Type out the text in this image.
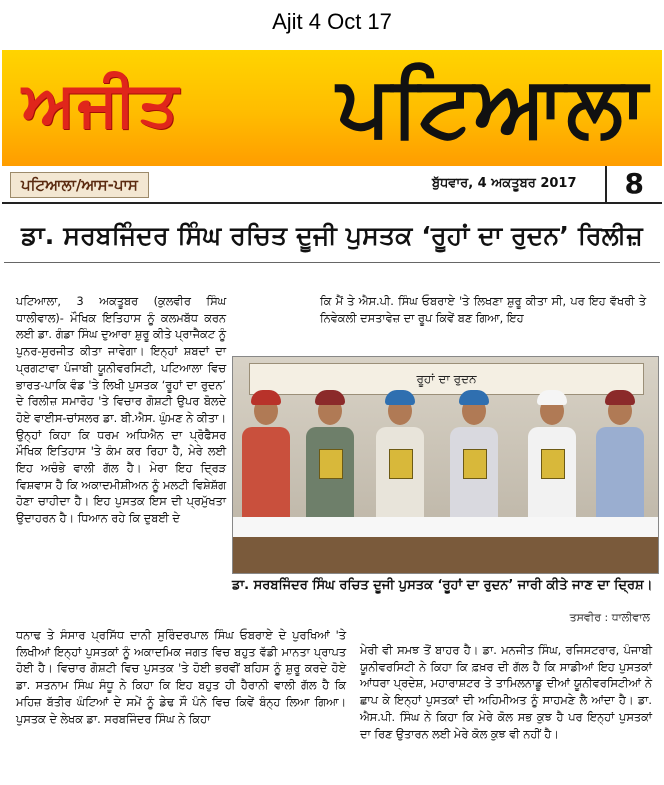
Ajit 4 Oct 17
ਅਜੀਤ ਪਟਿਆਲਾ
ਪਟਿਆਲਾ/ਆਸ-ਪਾਸ	ਬੁੱਧਵਾਰ, 4 ਅਕਤੂਬਰ 2017	8
ਡਾ. ਸਰਬਜਿੰਦਰ ਸਿੰਘ ਰਚਿਤ ਦੂਜੀ ਪੁਸਤਕ ‘ਰੂਹਾਂ ਦਾ ਰੁਦਨ’ ਰਿਲੀਜ਼

ਪਟਿਆਲਾ, 3 ਅਕਤੂਬਰ (ਕੁਲਵੀਰ ਸਿੰਘ ਧਾਲੀਵਾਲ)- ਮੌਖਿਕ ਇਤਿਹਾਸ ਨੂੰ ਕਲਮਬੱਧ ਕਰਨ ਲਈ ਡਾ. ਗੰਡਾ ਸਿੰਘ ਦੁਆਰਾ ਸ਼ੁਰੂ ਕੀਤੇ ਪ੍ਰਾਜੈਕਟ ਨੂੰ ਪੁਨਰ-ਸੁਰਜੀਤ ਕੀਤਾ ਜਾਵੇਗਾ। ਇਨ੍ਹਾਂ ਸ਼ਬਦਾਂ ਦਾ ਪ੍ਰਗਟਾਵਾ ਪੰਜਾਬੀ ਯੂਨੀਵਰਸਿਟੀ, ਪਟਿਆਲਾ ਵਿਚ ਭਾਰਤ-ਪਾਕਿ ਵੰਡ 'ਤੇ ਲਿਖੀ ਪੁਸਤਕ ‘ਰੂਹਾਂ ਦਾ ਰੁਦਨ’ ਦੇ ਰਿਲੀਜ਼ ਸਮਾਰੋਹ 'ਤੇ ਵਿਚਾਰ ਗੋਸ਼ਟੀ ਉਪਰ ਬੋਲਦੇ ਹੋਏ ਵਾਈਸ-ਚਾਂਸਲਰ ਡਾ. ਬੀ.ਐਸ. ਘੁੰਮਣ ਨੇ ਕੀਤਾ। ਉਨ੍ਹਾਂ ਕਿਹਾ ਕਿ ਧਰਮ ਅਧਿਐਨ ਦਾ ਪ੍ਰੋਫੈਸਰ ਮੌਖਿਕ ਇਤਿਹਾਸ 'ਤੇ ਕੰਮ ਕਰ ਰਿਹਾ ਹੈ, ਮੇਰੇ ਲਈ ਇਹ ਅਚੰਭੇ ਵਾਲੀ ਗੱਲ ਹੈ। ਮੇਰਾ ਇਹ ਦ੍ਰਿੜ ਵਿਸ਼ਵਾਸ ਹੈ ਕਿ ਅਕਾਦਮੀਸ਼ੀਅਨ ਨੂੰ ਮਲਟੀ ਵਿਸ਼ੇਸ਼ੱਗ ਹੋਣਾ ਚਾਹੀਦਾ ਹੈ। ਇਹ ਪੁਸਤਕ ਇਸ ਦੀ ਪ੍ਰਮੁੱਖਤਾ ਉਦਾਹਰਨ ਹੈ। ਧਿਆਨ ਰਹੇ ਕਿ ਦੁਬਈ ਦੇ

ਕਿ ਮੈਂ ਤੇ ਐਸ.ਪੀ. ਸਿੰਘ ਓਬਰਾਏ 'ਤੇ ਲਿਖਣਾ ਸ਼ੁਰੂ ਕੀਤਾ ਸੀ, ਪਰ ਇਹ ਵੱਖਰੀ ਤੇ ਨਿਵੇਕਲੀ ਦਸਤਾਵੇਜ਼ ਦਾ ਰੂਪ ਕਿਵੇਂ ਬਣ ਗਿਆ, ਇਹ

ਰੂਹਾਂ ਦਾ ਰੁਦਨ
ਡਾ. ਸਰਬਜਿੰਦਰ ਸਿੰਘ ਰਚਿਤ ਦੂਜੀ ਪੁਸਤਕ ‘ਰੂਹਾਂ ਦਾ ਰੁਦਨ’ ਜਾਰੀ ਕੀਤੇ ਜਾਣ ਦਾ ਦ੍ਰਿਸ਼।
ਤਸਵੀਰ : ਧਾਲੀਵਾਲ

ਧਨਾਢ ਤੇ ਸੰਸਾਰ ਪ੍ਰਸਿੱਧ ਦਾਨੀ ਸੁਰਿੰਦਰਪਾਲ ਸਿੰਘ ਓਬਰਾਏ ਦੇ ਪੁਰਖਿਆਂ 'ਤੇ ਲਿਖੀਆਂ ਇਨ੍ਹਾਂ ਪੁਸਤਕਾਂ ਨੂੰ ਅਕਾਦਮਿਕ ਜਗਤ ਵਿਚ ਬਹੁਤ ਵੱਡੀ ਮਾਨਤਾ ਪ੍ਰਾਪਤ ਹੋਈ ਹੈ। ਵਿਚਾਰ ਗੋਸ਼ਟੀ ਵਿਚ ਪੁਸਤਕ 'ਤੇ ਹੋਈ ਭਰਵੀਂ ਬਹਿਸ ਨੂੰ ਸ਼ੁਰੂ ਕਰਦੇ ਹੋਏ ਡਾ. ਸਤਨਾਮ ਸਿੰਘ ਸੰਧੂ ਨੇ ਕਿਹਾ ਕਿ ਇਹ ਬਹੁਤ ਹੀ ਹੈਰਾਨੀ ਵਾਲੀ ਗੱਲ ਹੈ ਕਿ ਮਹਿਜ਼ ਬੱਤੀਰ ਘੰਟਿਆਂ ਦੇ ਸਮੇਂ ਨੂੰ ਡੇਢ ਸੌ ਪੰਨੇ ਵਿਚ ਕਿਵੇਂ ਬੰਨ੍ਹ ਲਿਆ ਗਿਆ। ਪੁਸਤਕ ਦੇ ਲੇਖਕ ਡਾ. ਸਰਬਜਿੰਦਰ ਸਿੰਘ ਨੇ ਕਿਹਾ

ਮੇਰੀ ਵੀ ਸਮਝ ਤੋਂ ਬਾਹਰ ਹੈ। ਡਾ. ਮਨਜੀਤ ਸਿੰਘ, ਰਜਿਸਟਰਾਰ, ਪੰਜਾਬੀ ਯੂਨੀਵਰਸਿਟੀ ਨੇ ਕਿਹਾ ਕਿ ਫ਼ਖ਼ਰ ਦੀ ਗੱਲ ਹੈ ਕਿ ਸਾਡੀਆਂ ਇਹ ਪੁਸਤਕਾਂ ਆਂਧਰਾ ਪ੍ਰਦੇਸ਼, ਮਹਾਰਾਸ਼ਟਰ ਤੇ ਤਾਮਿਲਨਾਡੂ ਦੀਆਂ ਯੂਨੀਵਰਸਿਟੀਆਂ ਨੇ ਛਾਪ ਕੇ ਇਨ੍ਹਾਂ ਪੁਸਤਕਾਂ ਦੀ ਅਹਿਮੀਅਤ ਨੂੰ ਸਾਹਮਣੇ ਲੈ ਆਂਦਾ ਹੈ। ਡਾ. ਐਸ.ਪੀ. ਸਿੰਘ ਨੇ ਕਿਹਾ ਕਿ ਮੇਰੇ ਕੋਲ ਸਭ ਕੁਝ ਹੈ ਪਰ ਇਨ੍ਹਾਂ ਪੁਸਤਕਾਂ ਦਾ ਰਿਣ ਉਤਾਰਨ ਲਈ ਮੇਰੇ ਕੋਲ ਕੁਝ ਵੀ ਨਹੀਂ ਹੈ।
